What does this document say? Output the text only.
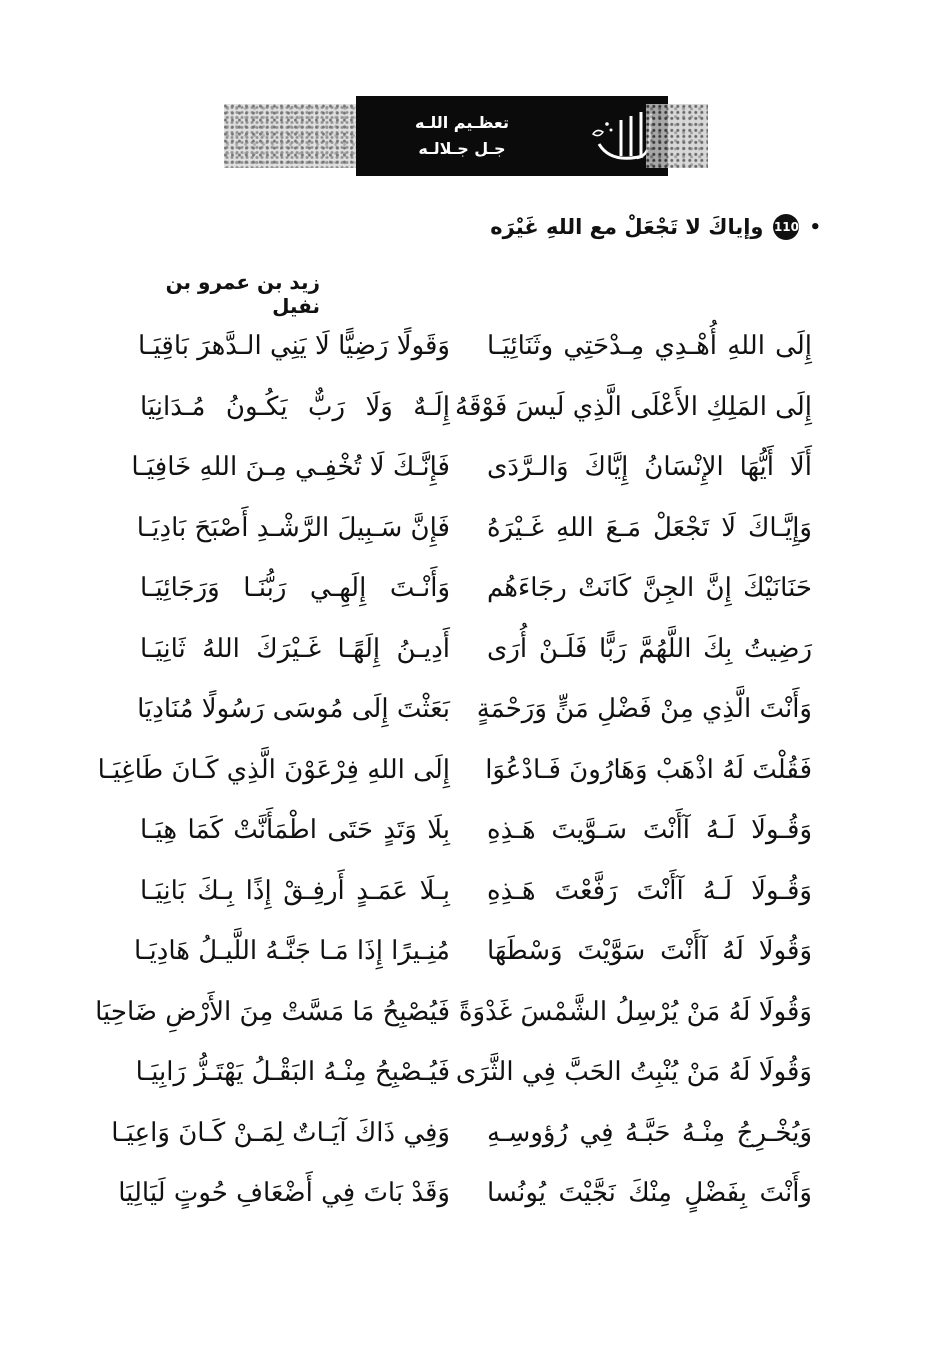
تعظـيم اللـه
جـل جـلالـه
•
110
وإياكَ لا تَجْعَلْ مع اللهِ غَيْرَه
زيد بن عمرو بن نفيل
إِلَى اللهِ أُهْـدِي مِـدْحَتِي وثَنَائِيَـا
وَقَولًا رَضِيًّا لَا يَنِي الـدَّهرَ بَاقِيَـا
إِلَى المَلِكِ الأَعْلَى الَّذِي لَيسَ فَوْقَهُ
إِلَـهٌ وَلَا رَبٌّ يَكُـونُ مُـدَانِيَا
أَلَا أَيُّهَا الإِنْسَانُ إِيَّاكَ وَالـرَّدَى
فَإِنَّـكَ لَا تُخْفِـي مِـنَ اللهِ خَافِيَـا
وَإِيَّـاكَ لَا تَجْعَلْ مَـعَ اللهِ غَـيْرَهُ
فَإِنَّ سَـبِيلَ الرَّشْـدِ أَصْبَحَ بَادِيَـا
حَنَانَيْكَ إِنَّ الجِنَّ كَانَتْ رجَاءَهُم
وَأَنْـتَ إِلَهِـي رَبُّنَـا وَرَجَائِيَـا
رَضِيتُ بِكَ اللَّهُمَّ رَبًّا فَلَـنْ أُرَى
أَدِيـنُ إِلَهًـا غَـيْرَكَ اللهُ ثَانِيَـا
وَأَنْتَ الَّذِي مِنْ فَضْلِ مَنٍّ وَرَحْمَةٍ
بَعَثْتَ إِلَى مُوسَى رَسُولًا مُنَادِيَا
فَقُلْتَ لَهُ اذْهَبْ وَهَارُونَ فَـادْعُوَا
إِلَى اللهِ فِرْعَوْنَ الَّذِي كَـانَ طَاغِيَـا
وَقُـولَا لَـهُ آأَنْتَ سَـوَّيتَ هَـذِهِ
بِلَا وَتَدٍ حَتَى اطْمَأَنَّتْ كَمَا هِيَـا
وَقُـولَا لَـهُ آأَنْتَ رَفَّعْتَ هَـذِهِ
بِـلَا عَمَـدٍ أَرفِـقْ إِذًا بِـكَ بَانِيَـا
وَقُولَا لَهُ آأَنْتَ سَوَّيْتَ وَسْطَهَا
مُنِـيرًا إِذَا مَـا جَنَّـهُ اللَّيـلُ هَادِيَـا
وَقُولَا لَهُ مَنْ يُرْسِلُ الشَّمْسَ غَدْوَةً
فَيُصْبِحُ مَا مَسَّتْ مِنَ الأَرْضِ ضَاحِيَا
وَقُولَا لَهُ مَنْ يُنْبِتُ الحَبَّ فِي الثَّرَى
فَيُـصْبِحُ مِنْـهُ البَقْـلُ يَهْتَـزُّ رَابِيَـا
وَيُخْـرِجُ مِنْـهُ حَبَّـهُ فِي رُؤوسِـهِ
وَفِي ذَاكَ آيَـاتٌ لِمَـنْ كَـانَ وَاعِيَـا
وَأَنْتَ بِفَضْلٍ مِنْكَ نَجَّيْتَ يُونُسا
وَقَدْ بَاتَ فِي أَضْعَافِ حُوتٍ لَيَالِيَا
